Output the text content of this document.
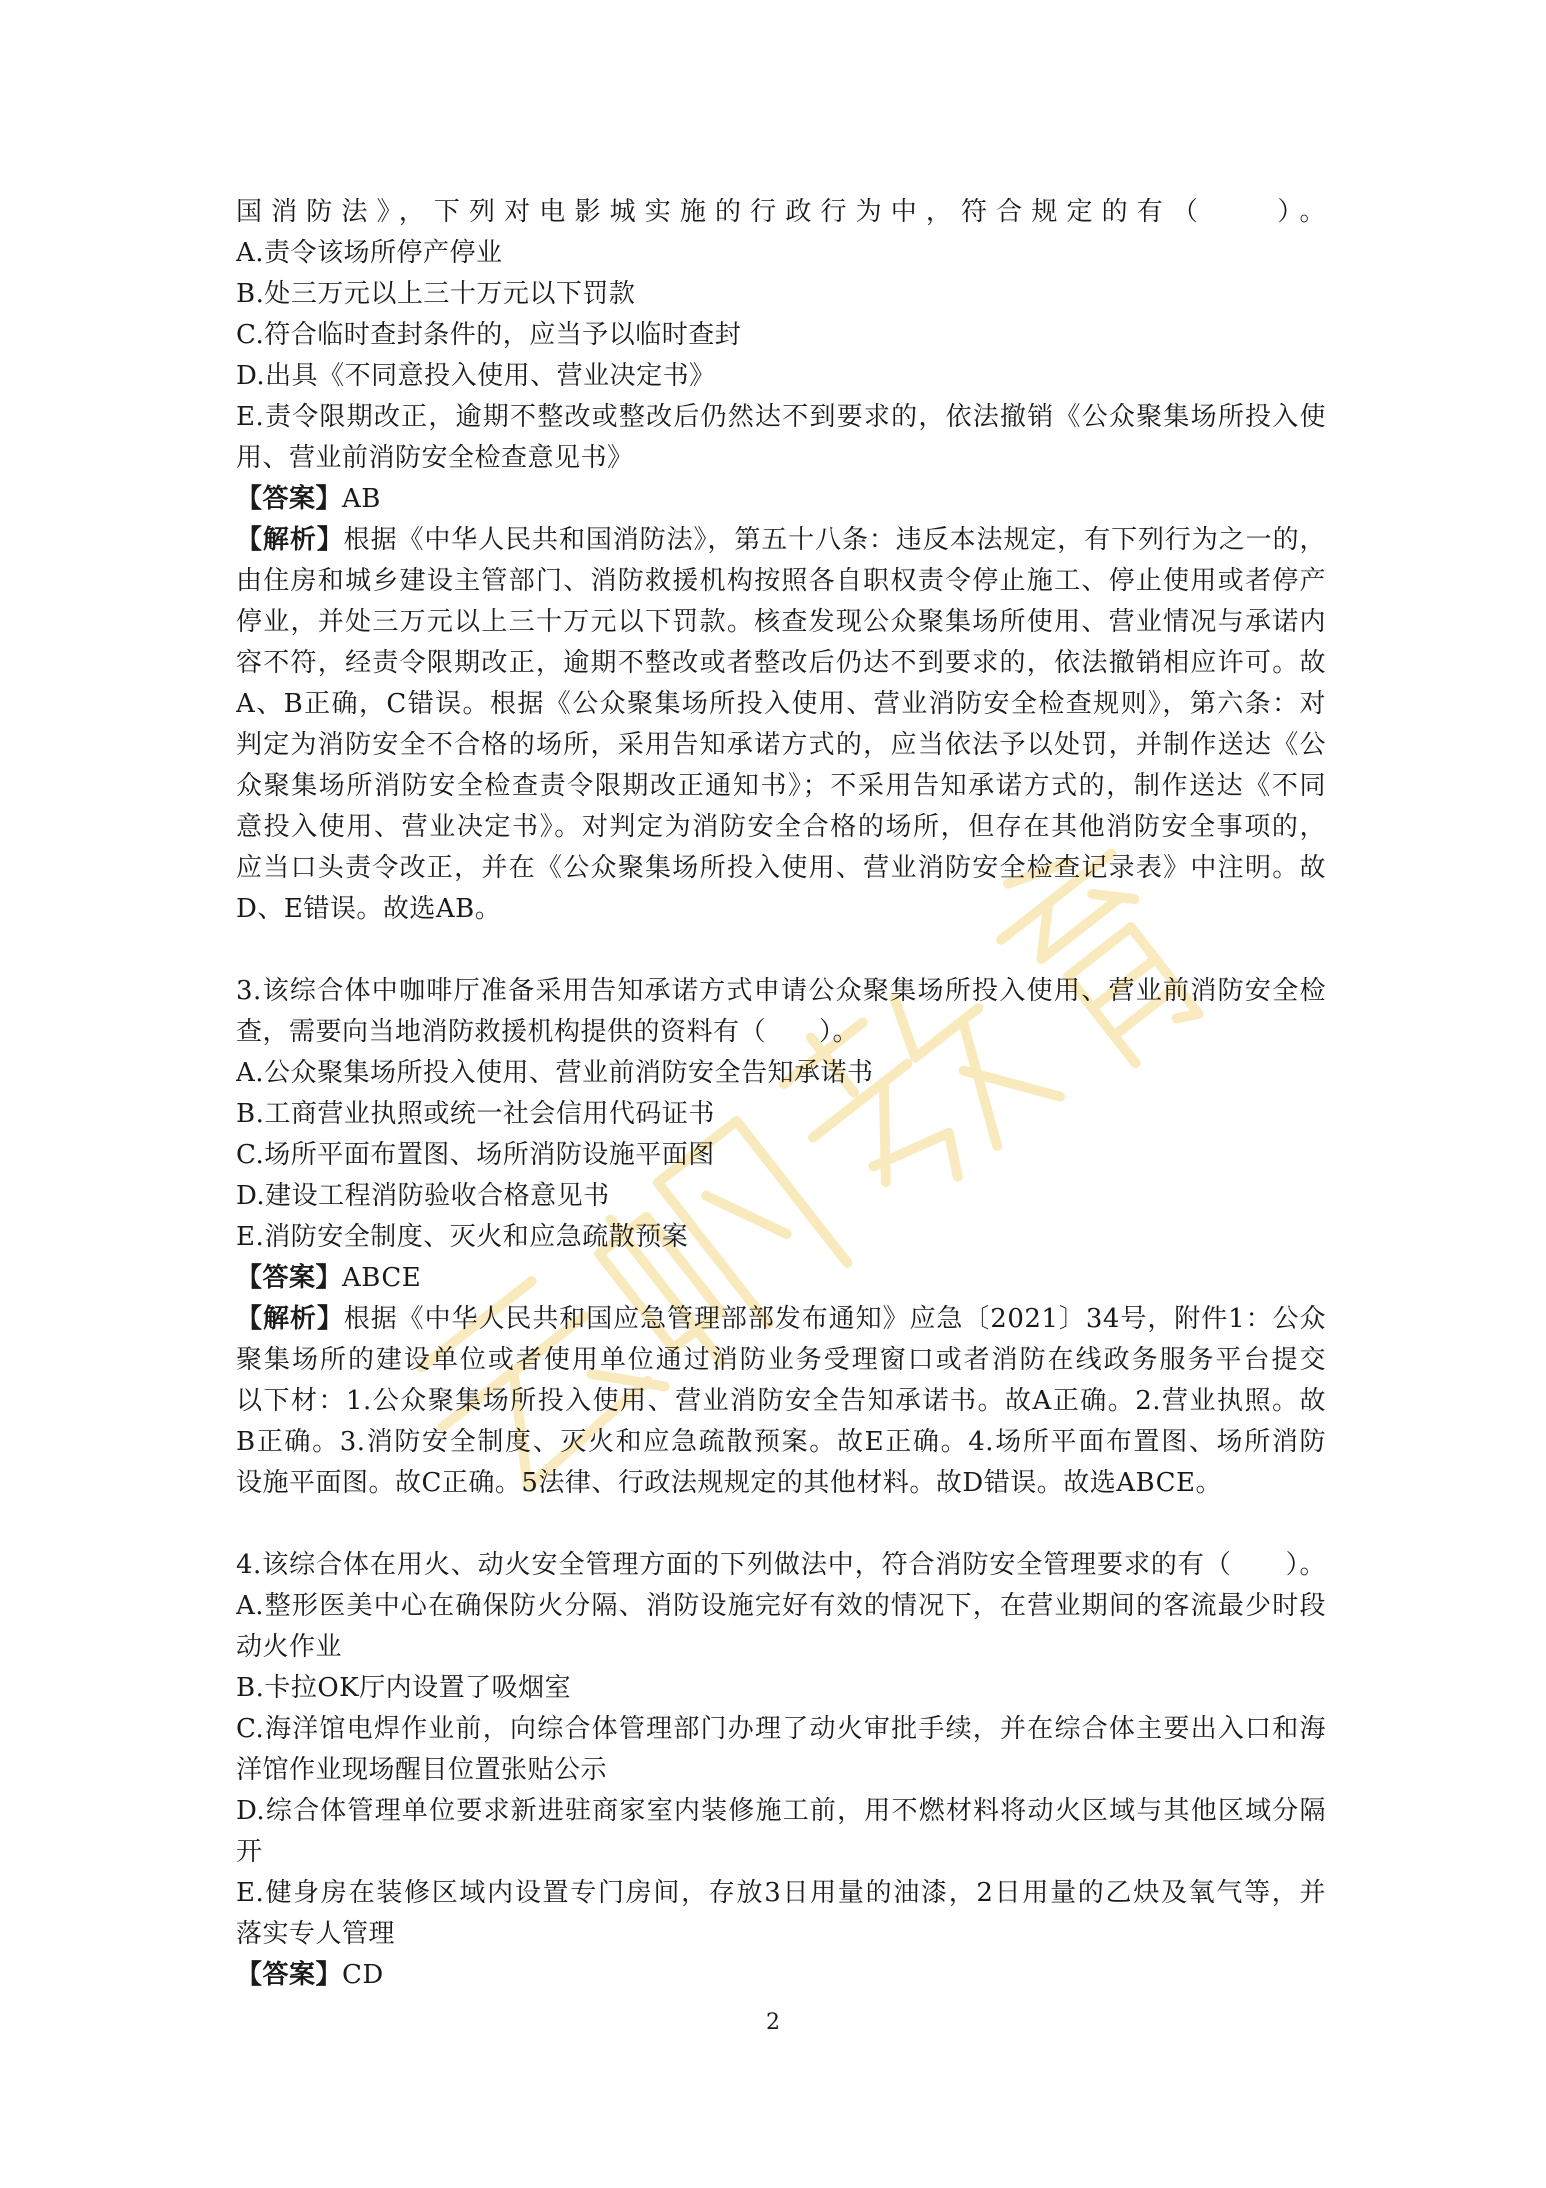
国消防法》，下列对电影城实施的行政行为中，符合规定的有（　　）。
A.责令该场所停产停业
B.处三万元以上三十万元以下罚款
C.符合临时查封条件的，应当予以临时查封
D.出具《不同意投入使用、营业决定书》
E.责令限期改正，逾期不整改或整改后仍然达不到要求的，依法撤销《公众聚集场所投入使
用、营业前消防安全检查意见书》
【答案】AB
【解析】根据《中华人民共和国消防法》，第五十八条：违反本法规定，有下列行为之一的，
由住房和城乡建设主管部门、消防救援机构按照各自职权责令停止施工、停止使用或者停产
停业，并处三万元以上三十万元以下罚款。核查发现公众聚集场所使用、营业情况与承诺内
容不符，经责令限期改正，逾期不整改或者整改后仍达不到要求的，依法撤销相应许可。故
A、B正确，C错误。根据《公众聚集场所投入使用、营业消防安全检查规则》，第六条：对
判定为消防安全不合格的场所，采用告知承诺方式的，应当依法予以处罚，并制作送达《公
众聚集场所消防安全检查责令限期改正通知书》；不采用告知承诺方式的，制作送达《不同
意投入使用、营业决定书》。对判定为消防安全合格的场所，但存在其他消防安全事项的，
应当口头责令改正，并在《公众聚集场所投入使用、营业消防安全检查记录表》中注明。故
D、E错误。故选AB。
3.该综合体中咖啡厅准备采用告知承诺方式申请公众聚集场所投入使用、营业前消防安全检
查，需要向当地消防救援机构提供的资料有（　　）。
A.公众聚集场所投入使用、营业前消防安全告知承诺书
B.工商营业执照或统一社会信用代码证书
C.场所平面布置图、场所消防设施平面图
D.建设工程消防验收合格意见书
E.消防安全制度、灭火和应急疏散预案
【答案】ABCE
【解析】根据《中华人民共和国应急管理部部发布通知》应急〔2021〕34号，附件1：公众
聚集场所的建设单位或者使用单位通过消防业务受理窗口或者消防在线政务服务平台提交
以下材：1.公众聚集场所投入使用、营业消防安全告知承诺书。故A正确。2.营业执照。故
B正确。3.消防安全制度、灭火和应急疏散预案。故E正确。4.场所平面布置图、场所消防
设施平面图。故C正确。5法律、行政法规规定的其他材料。故D错误。故选ABCE。
4.该综合体在用火、动火安全管理方面的下列做法中，符合消防安全管理要求的有（　　）。
A.整形医美中心在确保防火分隔、消防设施完好有效的情况下，在营业期间的客流最少时段
动火作业
B.卡拉OK厅内设置了吸烟室
C.海洋馆电焊作业前，向综合体管理部门办理了动火审批手续，并在综合体主要出入口和海
洋馆作业现场醒目位置张贴公示
D.综合体管理单位要求新进驻商家室内装修施工前，用不燃材料将动火区域与其他区域分隔
开
E.健身房在装修区域内设置专门房间，存放3日用量的油漆，2日用量的乙炔及氧气等，并
落实专人管理
【答案】CD
2
